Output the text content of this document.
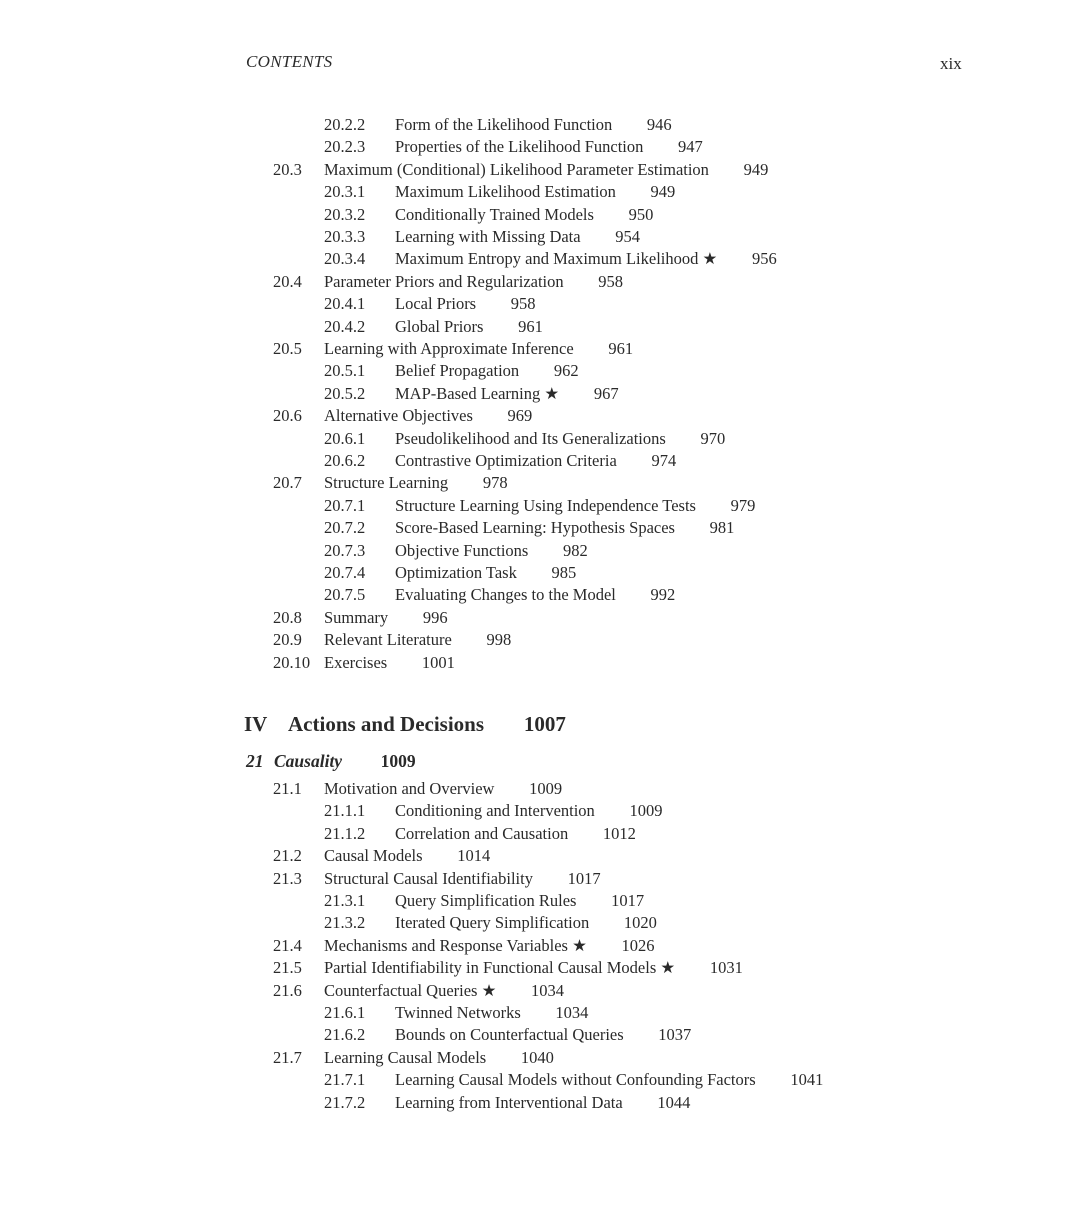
CONTENTS	xix
20.2.2 Form of the Likelihood Function 946
20.2.3 Properties of the Likelihood Function 947
20.3 Maximum (Conditional) Likelihood Parameter Estimation 949
20.3.1 Maximum Likelihood Estimation 949
20.3.2 Conditionally Trained Models 950
20.3.3 Learning with Missing Data 954
20.3.4 Maximum Entropy and Maximum Likelihood ★ 956
20.4 Parameter Priors and Regularization 958
20.4.1 Local Priors 958
20.4.2 Global Priors 961
20.5 Learning with Approximate Inference 961
20.5.1 Belief Propagation 962
20.5.2 MAP-Based Learning ★ 967
20.6 Alternative Objectives 969
20.6.1 Pseudolikelihood and Its Generalizations 970
20.6.2 Contrastive Optimization Criteria 974
20.7 Structure Learning 978
20.7.1 Structure Learning Using Independence Tests 979
20.7.2 Score-Based Learning: Hypothesis Spaces 981
20.7.3 Objective Functions 982
20.7.4 Optimization Task 985
20.7.5 Evaluating Changes to the Model 992
20.8 Summary 996
20.9 Relevant Literature 998
20.10 Exercises 1001
IV Actions and Decisions 1007
21 Causality 1009
21.1 Motivation and Overview 1009
21.1.1 Conditioning and Intervention 1009
21.1.2 Correlation and Causation 1012
21.2 Causal Models 1014
21.3 Structural Causal Identifiability 1017
21.3.1 Query Simplification Rules 1017
21.3.2 Iterated Query Simplification 1020
21.4 Mechanisms and Response Variables ★ 1026
21.5 Partial Identifiability in Functional Causal Models ★ 1031
21.6 Counterfactual Queries ★ 1034
21.6.1 Twinned Networks 1034
21.6.2 Bounds on Counterfactual Queries 1037
21.7 Learning Causal Models 1040
21.7.1 Learning Causal Models without Confounding Factors 1041
21.7.2 Learning from Interventional Data 1044
